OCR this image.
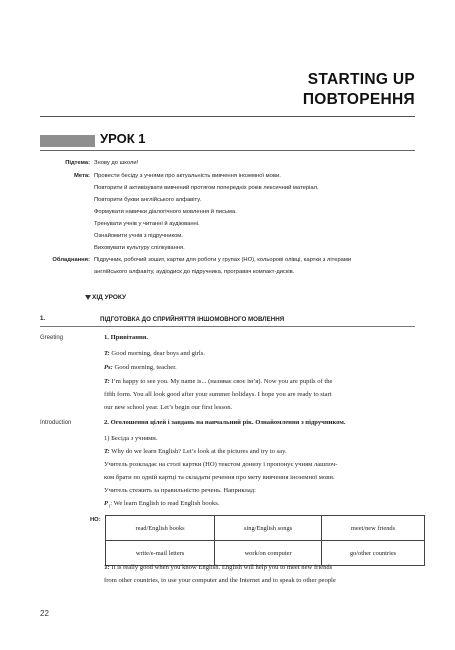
STARTING UP
ПОВТОРЕННЯ
УРОК 1
Підтема: Знову до школи!
Мета: Провести бесіду з учнями про актуальність вивчення іноземної мови.
Повторити й активізувати вивчений протягом попередніх років лексичний матеріал.
Повторити букви англійського алфавіту.
Формувати навички діалогічного мовлення й письма.
Тренувати учнів у читанні й аудіюванні.
Ознайомити учнів з підручником.
Виховувати культуру спілкування.
Обладнання: Підручник, робочий зошит, картки для роботи у групах (НО), кольорові олівці, картки з літерами
англійського алфавіту, аудіодиск до підручника, програвач компакт-дисків.
ХІД УРОКУ
1.	ПІДГОТОВКА ДО СПРИЙНЯТТЯ ІНШОМОВНОГО МОВЛЕННЯ
Greeting	1. Привітання.
T: Good morning, dear boys and girls.
Ps: Good morning, teacher.
T: I’m happy to see you. My name is... (називає своє ім’я). Now you are pupils of the
fifth form. You all look good after your summer holidays. I hope you are ready to start
our new school year. Let’s begin our first lesson.
Introduction	2. Оголошення цілей і завдань на навчальний рік. Ознайомлення з підручником.
1) Бесіда з учнями.
T: Why do we learn English? Let’s look at the pictures and try to say.
Учитель розкладає на столі картки (НО) текстом донизу і пропонує учням лашпоч-
ком брати по одній картці та складати речення про мету вивчення іноземної мови.
Учитель стежить за правильністю речень. Наприклад:
$P_1$: We learn English to read English books.
НО:
read/English books	sing/English songs	meet/new friends
write/e-mail letters	work/on computer	go/other countries
T: It is really good when you know English. English will help you to meet new friends
from other countries, to use your computer and the Internet and to speak to other people
22
